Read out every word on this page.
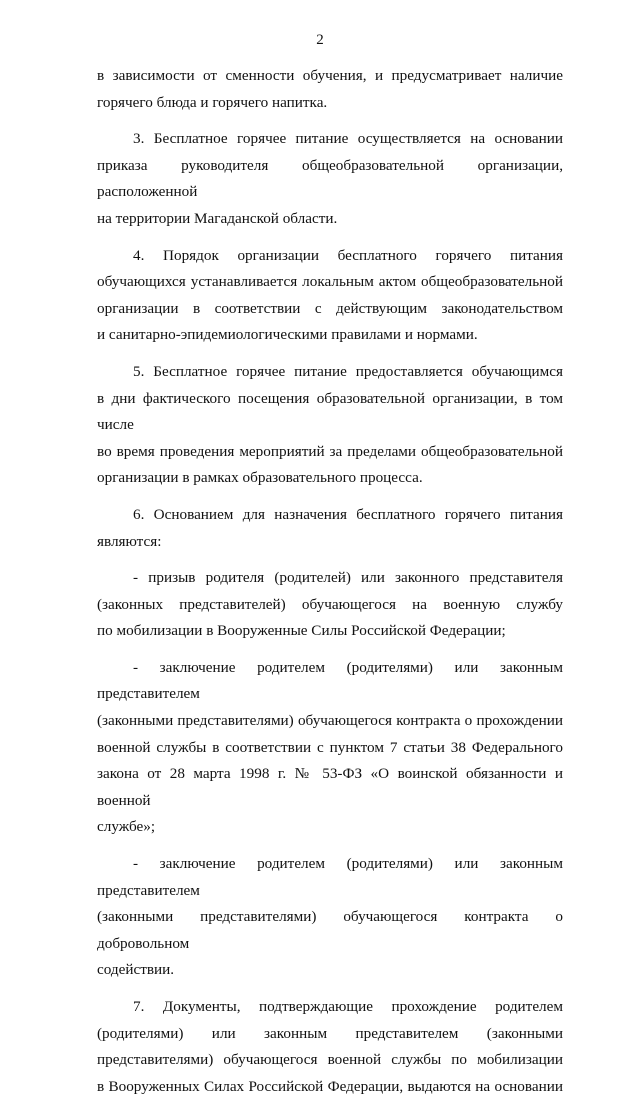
2

в зависимости от сменности обучения, и предусматривает наличие

горячего блюда и горячего напитка.

3. Бесплатное горячее питание осуществляется на основании

приказа руководителя общеобразовательной организации, расположенной

на территории Магаданской области.

4. Порядок организации бесплатного горячего питания

обучающихся устанавливается локальным актом общеобразовательной

организации в соответствии с действующим законодательством

и санитарно-эпидемиологическими правилами и нормами.

5. Бесплатное горячее питание предоставляется обучающимся

в дни фактического посещения образовательной организации, в том числе

во время проведения мероприятий за пределами общеобразовательной

организации в рамках образовательного процесса.

6. Основанием для назначения бесплатного горячего питания

являются:

- призыв родителя (родителей) или законного представителя

(законных представителей) обучающегося на военную службу

по мобилизации в Вооруженные Силы Российской Федерации;

- заключение родителем (родителями) или законным представителем

(законными представителями) обучающегося контракта о прохождении

военной службы в соответствии с пунктом 7 статьи 38 Федерального

закона от 28 марта 1998 г. № 53-ФЗ «О воинской обязанности и военной

службе»;

- заключение родителем (родителями) или законным представителем

(законными представителями) обучающегося контракта о добровольном

содействии.

7. Документы, подтверждающие прохождение родителем

(родителями) или законным представителем (законными

представителями) обучающегося военной службы по мобилизации

в Вооруженных Силах Российской Федерации, выдаются на основании
